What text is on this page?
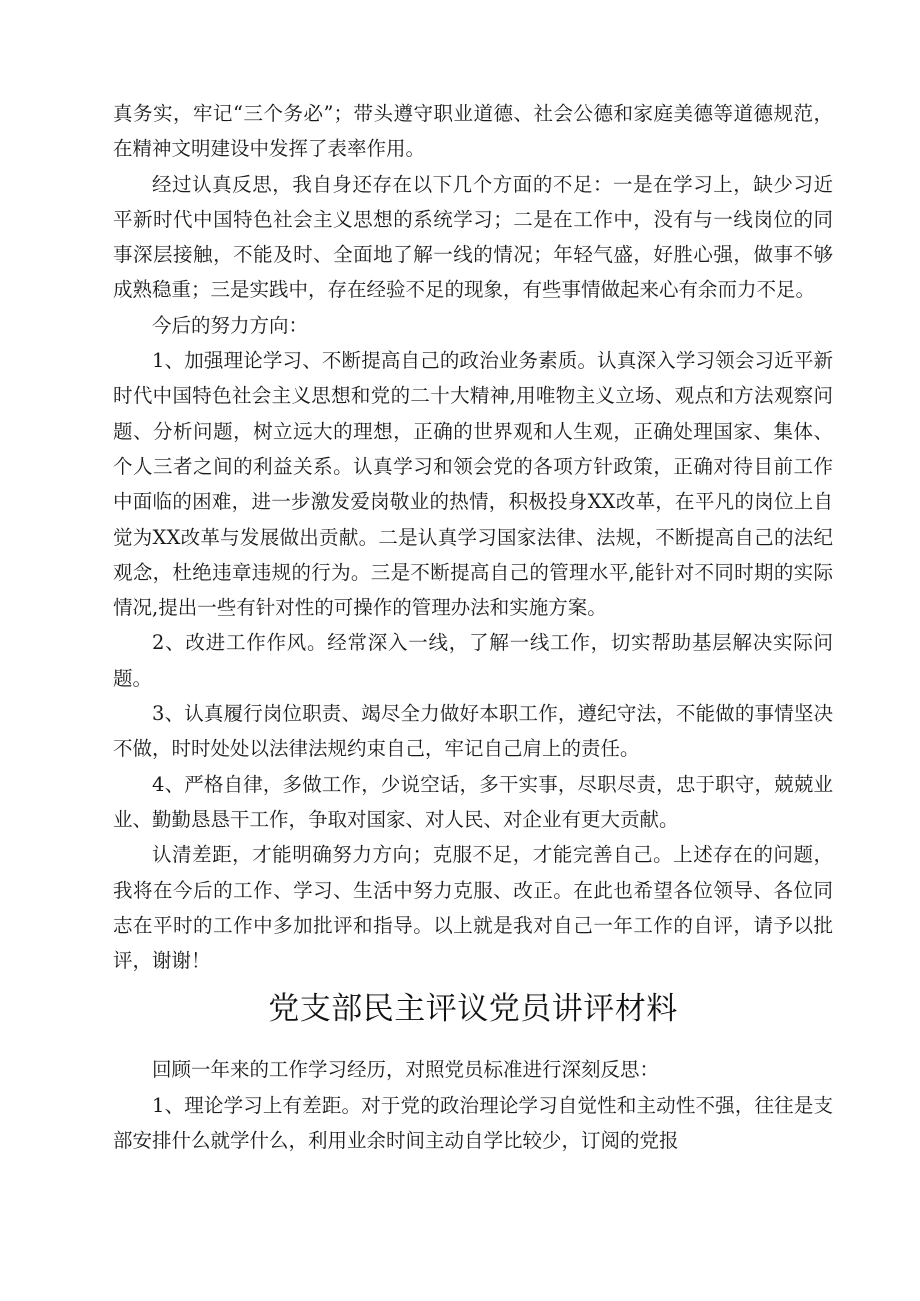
真务实，牢记“三个务必”；带头遵守职业道德、社会公德和家庭美德等道德规范，在精神文明建设中发挥了表率作用。

经过认真反思，我自身还存在以下几个方面的不足：一是在学习上，缺少习近平新时代中国特色社会主义思想的系统学习；二是在工作中，没有与一线岗位的同事深层接触，不能及时、全面地了解一线的情况；年轻气盛，好胜心强，做事不够成熟稳重；三是实践中，存在经验不足的现象，有些事情做起来心有余而力不足。

今后的努力方向：

1、加强理论学习、不断提高自己的政治业务素质。认真深入学习领会习近平新时代中国特色社会主义思想和党的二十大精神,用唯物主义立场、观点和方法观察问题、分析问题，树立远大的理想，正确的世界观和人生观，正确处理国家、集体、个人三者之间的利益关系。认真学习和领会党的各项方针政策，正确对待目前工作中面临的困难，进一步激发爱岗敬业的热情，积极投身XX改革，在平凡的岗位上自觉为XX改革与发展做出贡献。二是认真学习国家法律、法规，不断提高自己的法纪观念，杜绝违章违规的行为。三是不断提高自己的管理水平,能针对不同时期的实际情况,提出一些有针对性的可操作的管理办法和实施方案。

2、改进工作作风。经常深入一线，了解一线工作，切实帮助基层解决实际问题。

3、认真履行岗位职责、竭尽全力做好本职工作，遵纪守法，不能做的事情坚决不做，时时处处以法律法规约束自己，牢记自己肩上的责任。

4、严格自律，多做工作，少说空话，多干实事，尽职尽责，忠于职守，兢兢业业、勤勤恳恳干工作，争取对国家、对人民、对企业有更大贡献。

认清差距，才能明确努力方向；克服不足，才能完善自己。上述存在的问题，我将在今后的工作、学习、生活中努力克服、改正。在此也希望各位领导、各位同志在平时的工作中多加批评和指导。以上就是我对自己一年工作的自评，请予以批评，谢谢！

党支部民主评议党员讲评材料

回顾一年来的工作学习经历，对照党员标准进行深刻反思：

1、理论学习上有差距。对于党的政治理论学习自觉性和主动性不强，往往是支部安排什么就学什么，利用业余时间主动自学比较少，订阅的党报
